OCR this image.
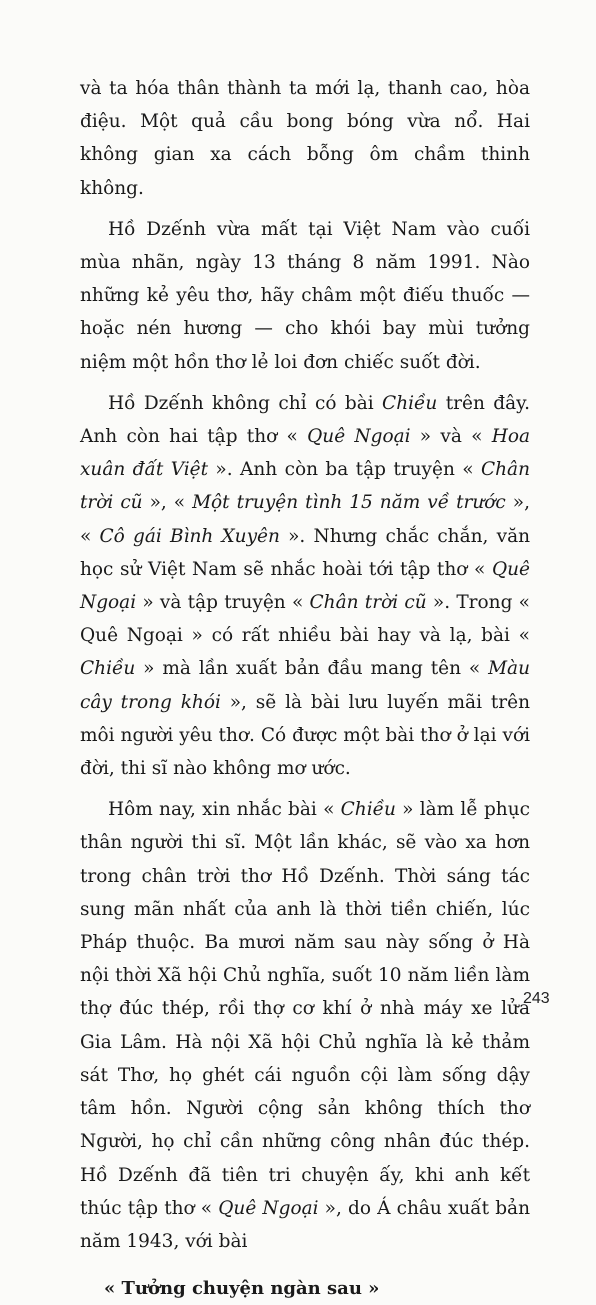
và ta hóa thân thành ta mới lạ, thanh cao, hòa điệu. Một quả cầu bong bóng vừa nổ. Hai không gian xa cách bỗng ôm chầm thinh không.

Hồ Dzếnh vừa mất tại Việt Nam vào cuối mùa nhãn, ngày 13 tháng 8 năm 1991. Nào những kẻ yêu thơ, hãy châm một điếu thuốc — hoặc nén hương — cho khói bay mùi tưởng niệm một hồn thơ lẻ loi đơn chiếc suốt đời.

Hồ Dzếnh không chỉ có bài Chiều trên đây. Anh còn hai tập thơ « Quê Ngoại » và « Hoa xuân đất Việt ». Anh còn ba tập truyện « Chân trời cũ », « Một truyện tình 15 năm về trước », « Cô gái Bình Xuyên ». Nhưng chắc chắn, văn học sử Việt Nam sẽ nhắc hoài tới tập thơ « Quê Ngoại » và tập truyện « Chân trời cũ ». Trong « Quê Ngoại » có rất nhiều bài hay và lạ, bài « Chiều » mà lần xuất bản đầu mang tên « Màu cây trong khói », sẽ là bài lưu luyến mãi trên môi người yêu thơ. Có được một bài thơ ở lại với đời, thi sĩ nào không mơ ước.

Hôm nay, xin nhắc bài « Chiều » làm lễ phục thân người thi sĩ. Một lần khác, sẽ vào xa hơn trong chân trời thơ Hồ Dzếnh. Thời sáng tác sung mãn nhất của anh là thời tiền chiến, lúc Pháp thuộc. Ba mươi năm sau này sống ở Hà nội thời Xã hội Chủ nghĩa, suốt 10 năm liền làm thợ đúc thép, rồi thợ cơ khí ở nhà máy xe lửa Gia Lâm. Hà nội Xã hội Chủ nghĩa là kẻ thảm sát Thơ, họ ghét cái nguồn cội làm sống dậy tâm hồn. Người cộng sản không thích thơ Người, họ chỉ cần những công nhân đúc thép. Hồ Dzếnh đã tiên tri chuyện ấy, khi anh kết thúc tập thơ « Quê Ngoại », do Á châu xuất bản năm 1943, với bài

« Tưởng chuyện ngàn sau »

243
